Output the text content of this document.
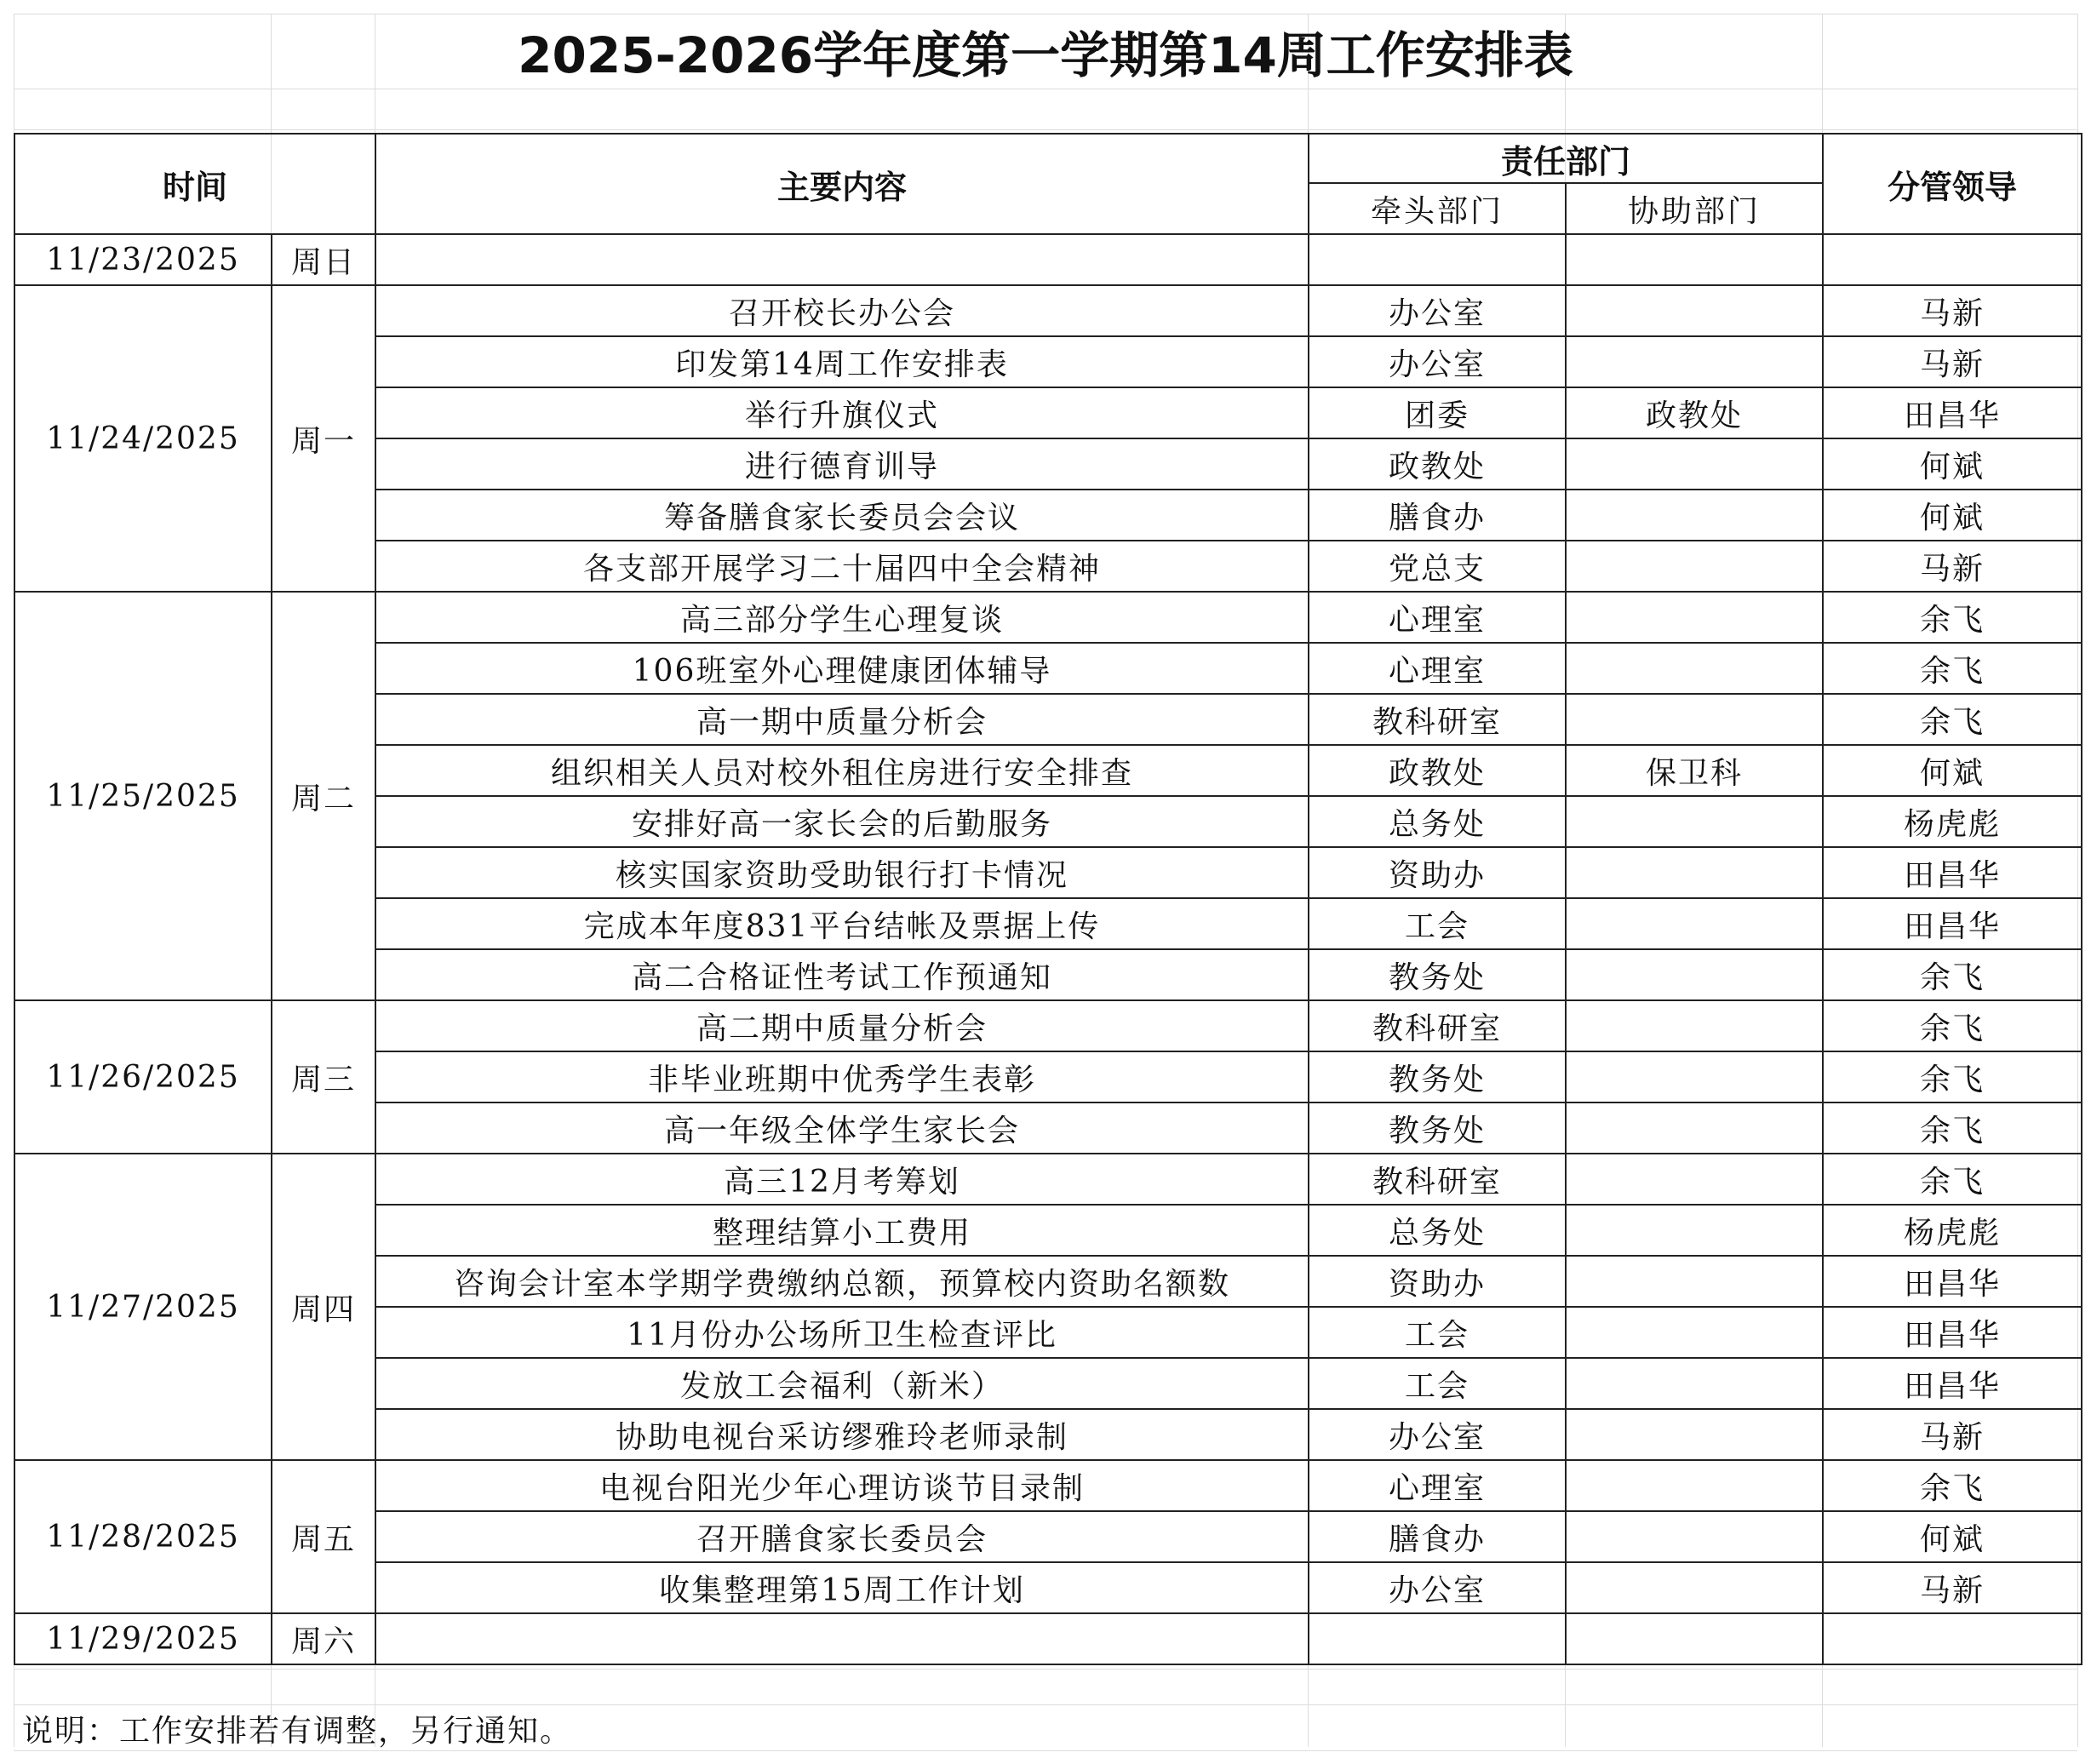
2025-2026学年度第一学期第14周工作安排表
时间		主要内容	责任部门		分管领导
			牵头部门	协助部门	
11/23/2025	周日				
11/24/2025	周一	召开校长办公会	办公室		马新
		印发第14周工作安排表	办公室		马新
		举行升旗仪式	团委	政教处	田昌华
		进行德育训导	政教处		何斌
		筹备膳食家长委员会会议	膳食办		何斌
		各支部开展学习二十届四中全会精神	党总支		马新
11/25/2025	周二	高三部分学生心理复谈	心理室		余飞
		106班室外心理健康团体辅导	心理室		余飞
		高一期中质量分析会	教科研室		余飞
		组织相关人员对校外租住房进行安全排查	政教处	保卫科	何斌
		安排好高一家长会的后勤服务	总务处		杨虎彪
		核实国家资助受助银行打卡情况	资助办		田昌华
		完成本年度831平台结帐及票据上传	工会		田昌华
		高二合格证性考试工作预通知	教务处		余飞
11/26/2025	周三	高二期中质量分析会	教科研室		余飞
		非毕业班期中优秀学生表彰	教务处		余飞
		高一年级全体学生家长会	教务处		余飞
11/27/2025	周四	高三12月考筹划	教科研室		余飞
		整理结算小工费用	总务处		杨虎彪
		咨询会计室本学期学费缴纳总额，预算校内资助名额数	资助办		田昌华
		11月份办公场所卫生检查评比	工会		田昌华
		发放工会福利（新米）	工会		田昌华
		协助电视台采访缪雅玲老师录制	办公室		马新
11/28/2025	周五	电视台阳光少年心理访谈节目录制	心理室		余飞
		召开膳食家长委员会	膳食办		何斌
		收集整理第15周工作计划	办公室		马新
11/29/2025	周六				
说明：工作安排若有调整，另行通知。
